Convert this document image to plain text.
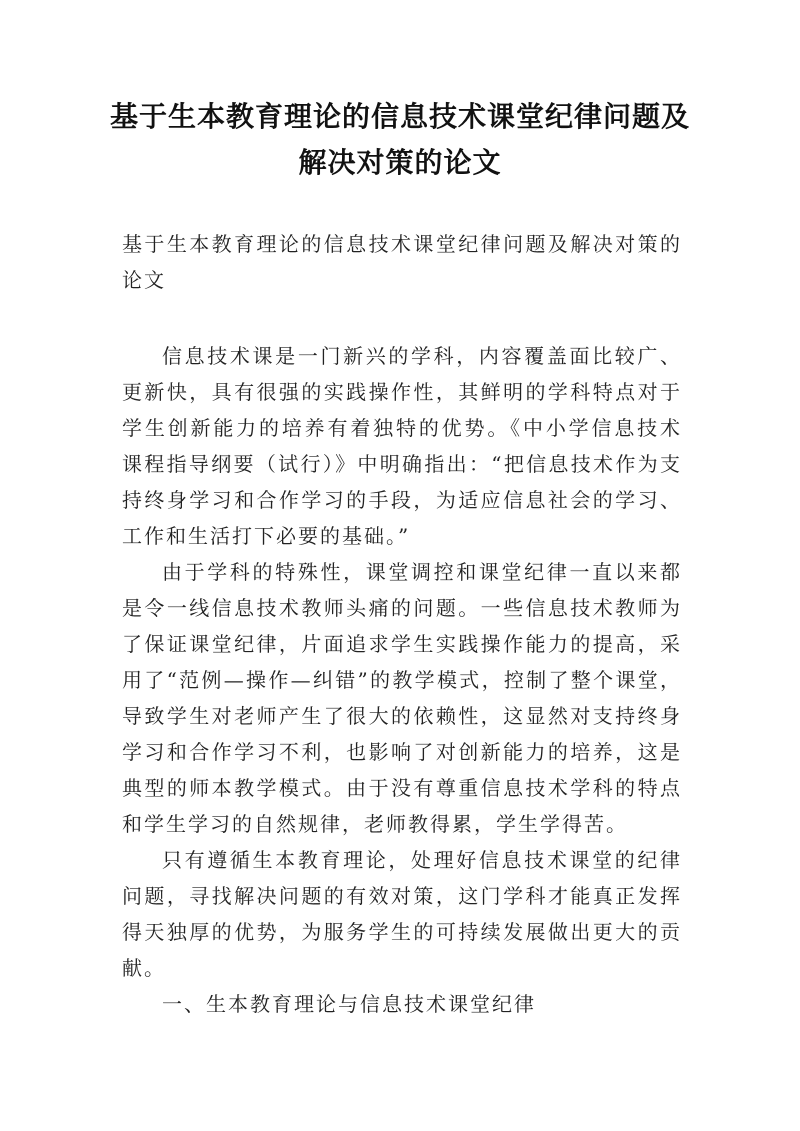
基于生本教育理论的信息技术课堂纪律问题及解决对策的论文

基于生本教育理论的信息技术课堂纪律问题及解决对策的论文

信息技术课是一门新兴的学科，内容覆盖面比较广、更新快，具有很强的实践操作性，其鲜明的学科特点对于学生创新能力的培养有着独特的优势。《中小学信息技术课程指导纲要（试行）》中明确指出：“把信息技术作为支持终身学习和合作学习的手段，为适应信息社会的学习、工作和生活打下必要的基础。”

由于学科的特殊性，课堂调控和课堂纪律一直以来都是令一线信息技术教师头痛的问题。一些信息技术教师为了保证课堂纪律，片面追求学生实践操作能力的提高，采用了“范例—操作—纠错”的教学模式，控制了整个课堂，导致学生对老师产生了很大的依赖性，这显然对支持终身学习和合作学习不利，也影响了对创新能力的培养，这是典型的师本教学模式。由于没有尊重信息技术学科的特点和学生学习的自然规律，老师教得累，学生学得苦。

只有遵循生本教育理论，处理好信息技术课堂的纪律问题，寻找解决问题的有效对策，这门学科才能真正发挥得天独厚的优势，为服务学生的可持续发展做出更大的贡献。

一、生本教育理论与信息技术课堂纪律
